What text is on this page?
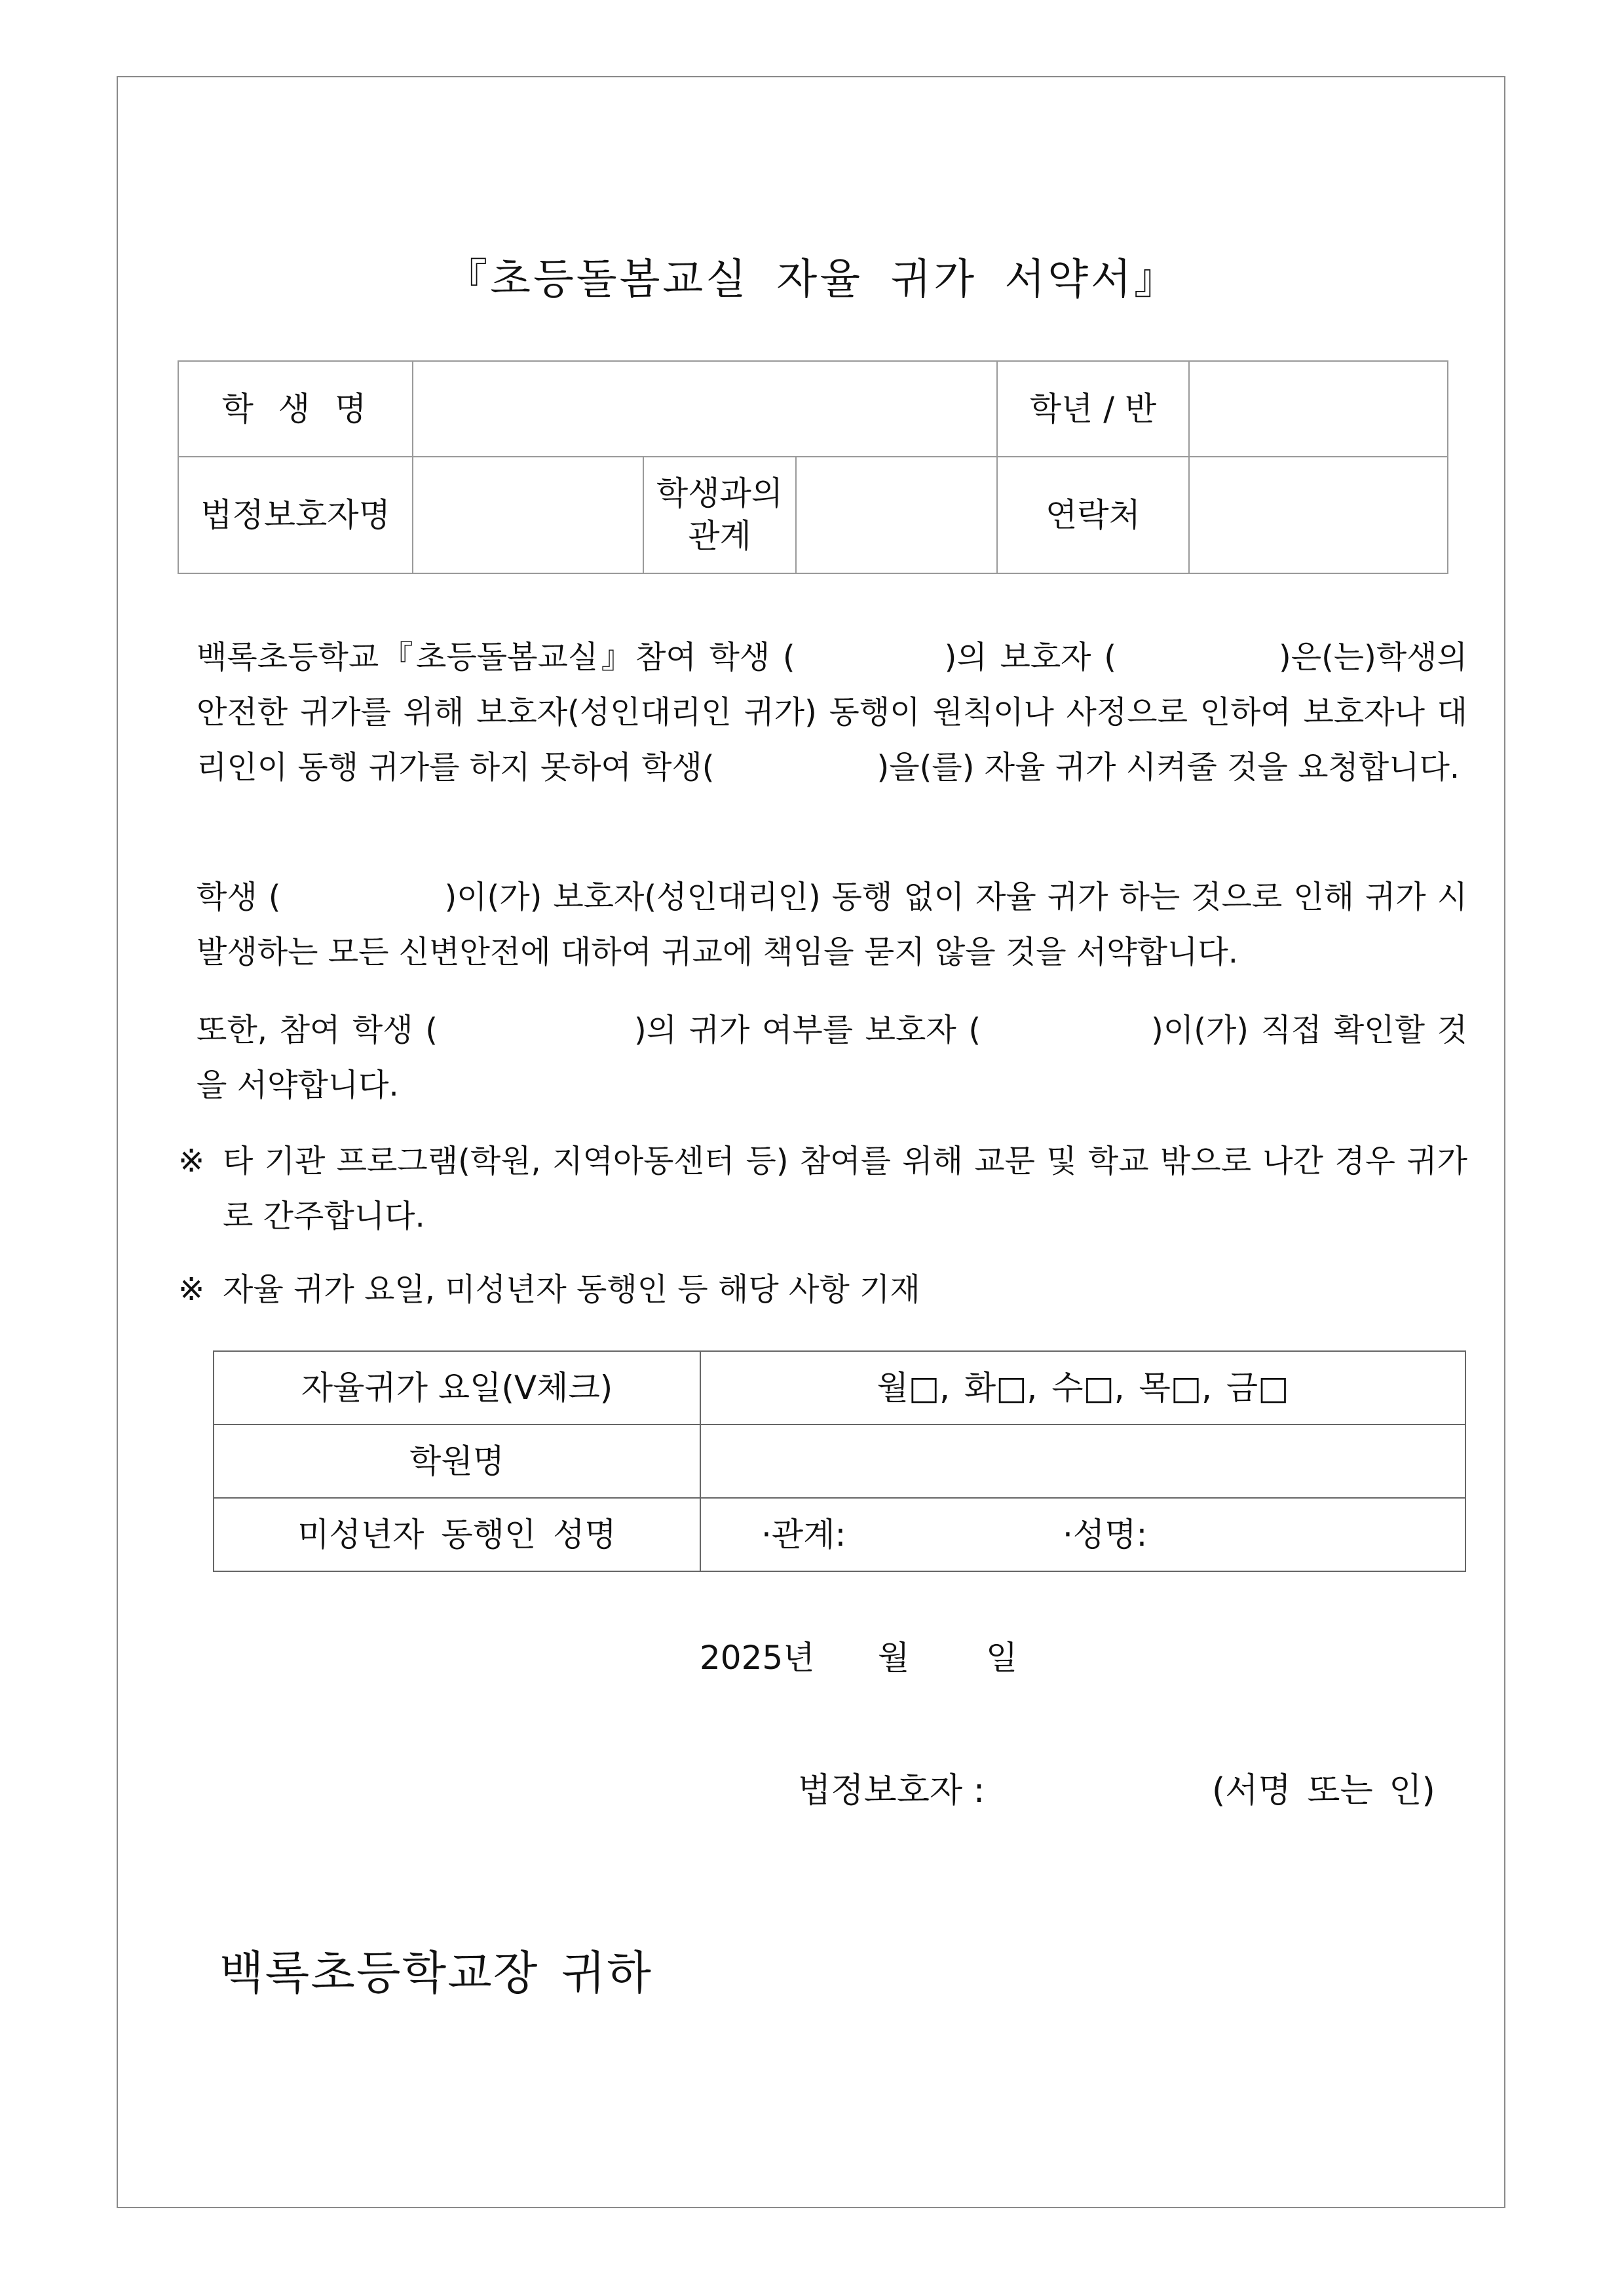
『초등돌봄교실 자율 귀가 서약서』
학 생 명				학년 / 반	
법정보호자명		학생과의 관계		연락처	

백록초등학교『초등돌봄교실』참여 학생 (	)의 보호자 (	)은(는)학생의 안전한 귀가를 위해 보호자(성인대리인 귀가) 동행이 원칙이나 사정으로 인하여 보호자나 대리인이 동행 귀가를 하지 못하여 학생(	)을(를) 자율 귀가 시켜줄 것을 요청합니다.

학생 (	)이(가) 보호자(성인대리인) 동행 없이 자율 귀가 하는 것으로 인해 귀가 시 발생하는 모든 신변안전에 대하여 귀교에 책임을 묻지 않을 것을 서약합니다.

또한, 참여 학생 (	)의 귀가 여부를 보호자 (	)이(가) 직접 확인할 것을 서약합니다.

※ 타 기관 프로그램(학원, 지역아동센터 등) 참여를 위해 교문 및 학교 밖으로 나간 경우 귀가로 간주합니다.
※ 자율 귀가 요일, 미성년자 동행인 등 해당 사항 기재
자율귀가 요일(V체크)	월□, 화□, 수□, 목□, 금□
학원명	
미성년자 동행인 성명	·관계: ·성명:
2025년 월 일
법정보호자 :	(서명 또는 인)
백록초등학교장 귀하
